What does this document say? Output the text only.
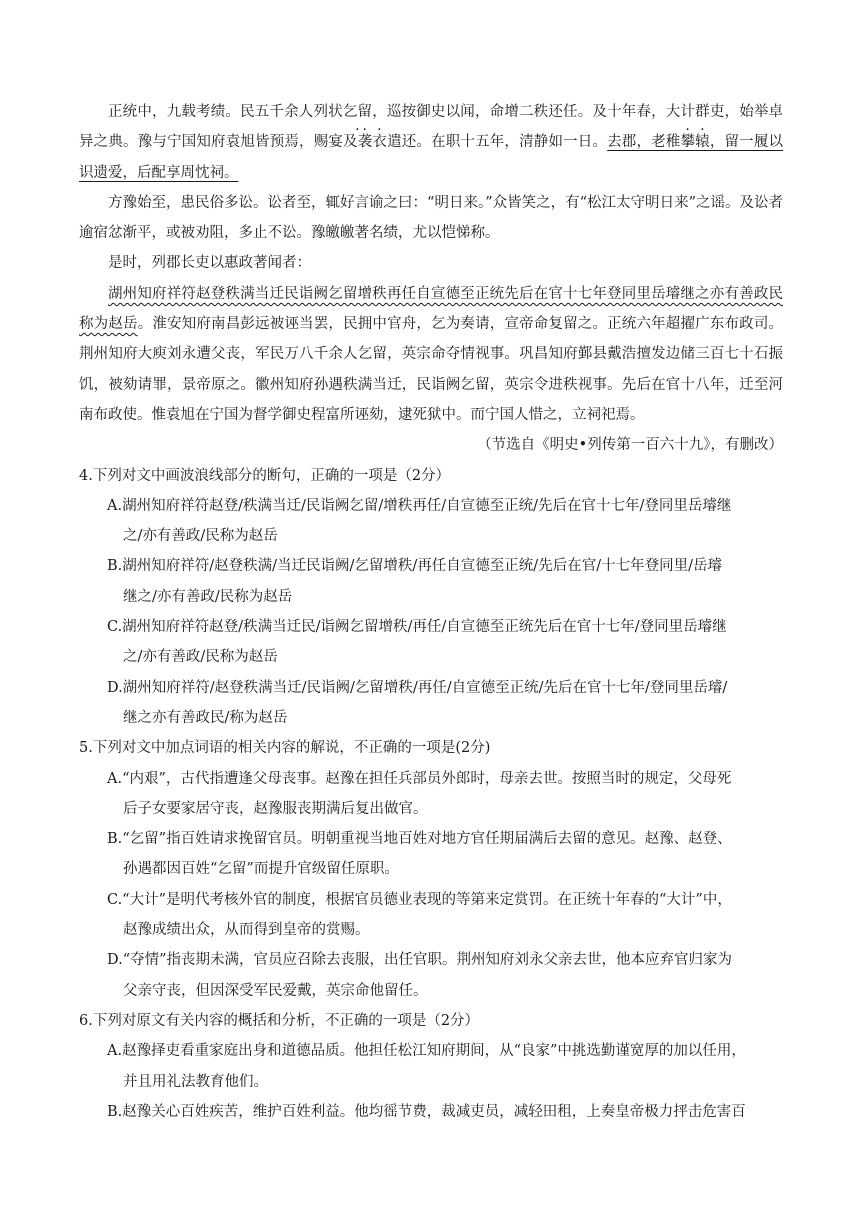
正统中，九载考绩。民五千余人列状乞留，巡按御史以闻，命增二秩还任。及十年春，大计群吏，始举卓异之典。豫与宁国知府袁旭皆预焉，赐宴及袭衣遣还。在职十五年，清静如一日。去郡，老稚攀辕，留一履以识遗爱，后配享周忱祠。

方豫始至，患民俗多讼。讼者至，辄好言谕之曰：“明日来。”众皆笑之，有“松江太守明日来”之谣。及讼者逾宿忿渐平，或被劝阻，多止不讼。豫皦皦著名绩，尤以恺悌称。

是时，列郡长吏以惠政著闻者：

湖州知府祥符赵登秩满当迁民诣阙乞留增秩再任自宣德至正统先后在官十七年登同里岳璿继之亦有善政民称为赵岳。淮安知府南昌彭远被诬当罢，民拥中官舟，乞为奏请，宣帝命复留之。正统六年超擢广东布政司。荆州知府大庾刘永遭父丧，军民万八千余人乞留，英宗命夺情视事。巩昌知府鄞县戴浩擅发边储三百七十石振饥，被劾请罪，景帝原之。徽州知府孙遇秩满当迁，民诣阙乞留，英宗令进秩视事。先后在官十八年，迁至河南布政使。惟袁旭在宁国为督学御史程富所诬劾，逮死狱中。而宁国人惜之，立祠祀焉。

（节选自《明史•列传第一百六十九》，有删改）

4.下列对文中画波浪线部分的断句，正确的一项是（2分）

A.湖州知府祥符赵登/秩满当迁/民诣阙乞留/增秩再任/自宣德至正统/先后在官十七年/登同里岳璿继
之/亦有善政/民称为赵岳

B.湖州知府祥符/赵登秩满/当迁民诣阙/乞留增秩/再任自宣德至正统/先后在官/十七年登同里/岳璿
继之/亦有善政/民称为赵岳

C.湖州知府祥符赵登/秩满当迁民/诣阙乞留增秩/再任/自宣德至正统先后在官十七年/登同里岳璿继
之/亦有善政/民称为赵岳

D.湖州知府祥符/赵登秩满当迁/民诣阙/乞留增秩/再任/自宣德至正统/先后在官十七年/登同里岳璿/
继之亦有善政民/称为赵岳

5.下列对文中加点词语的相关内容的解说，不正确的一项是(2分)

A.“内艰”，古代指遭逢父母丧事。赵豫在担任兵部员外郎时，母亲去世。按照当时的规定，父母死
后子女要家居守丧，赵豫服丧期满后复出做官。

B.“乞留”指百姓请求挽留官员。明朝重视当地百姓对地方官任期届满后去留的意见。赵豫、赵登、
孙遇都因百姓“乞留”而提升官级留任原职。

C.“大计”是明代考核外官的制度，根据官员德业表现的等第来定赏罚。在正统十年春的“大计”中，
赵豫成绩出众，从而得到皇帝的赏赐。

D.“夺情”指丧期未满，官员应召除去丧服，出任官职。荆州知府刘永父亲去世，他本应弃官归家为
父亲守丧，但因深受军民爱戴，英宗命他留任。

6.下列对原文有关内容的概括和分析，不正确的一项是（2分）

A.赵豫择吏看重家庭出身和道德品质。他担任松江知府期间，从“良家”中挑选勤谨宽厚的加以任用，
并且用礼法教育他们。

B.赵豫关心百姓疾苦，维护百姓利益。他均徭节费，裁减吏员，减轻田租，上奏皇帝极力抨击危害百
